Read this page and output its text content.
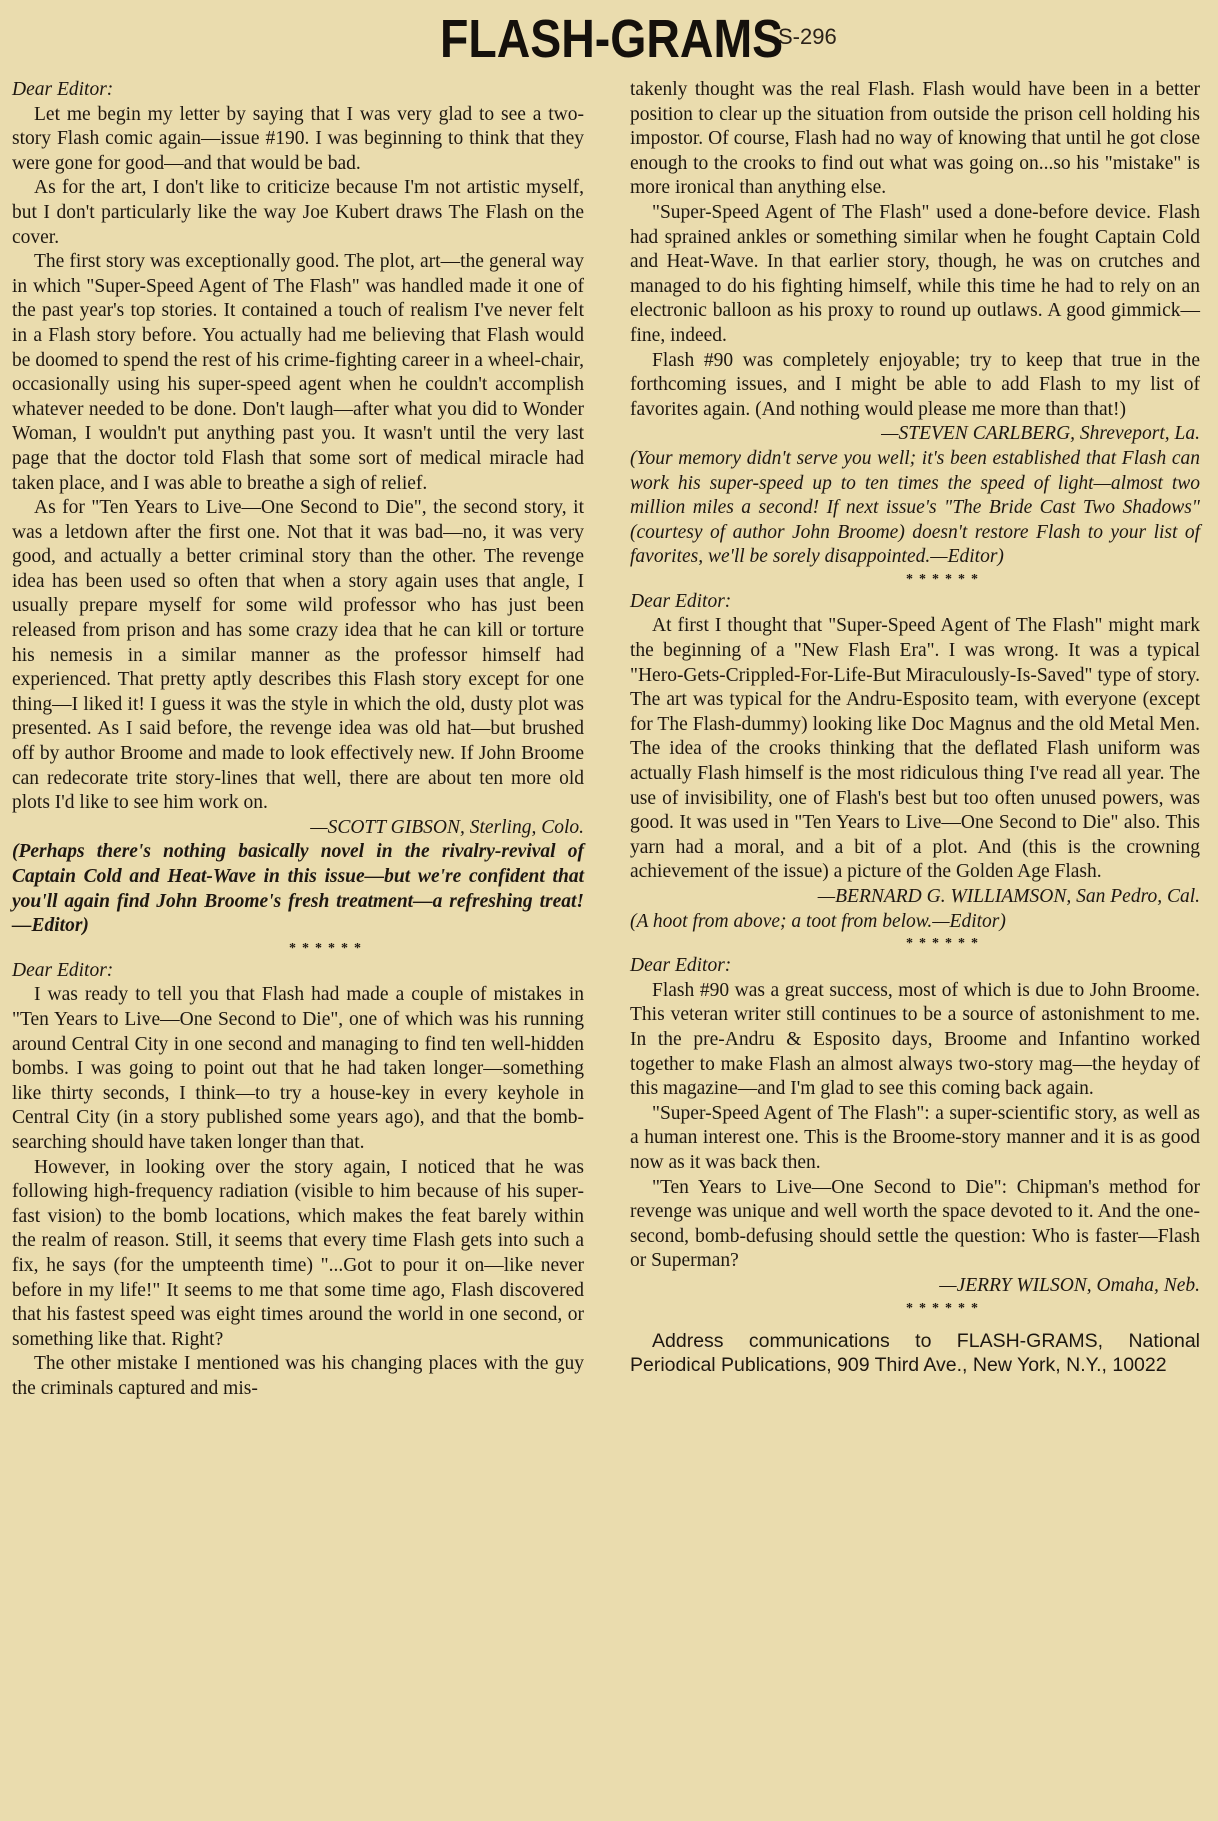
FLASH-GRAMS
S-296

Dear Editor:

Let me begin my letter by saying that I was very glad to see a two-story Flash comic again—issue #190. I was beginning to think that they were gone for good—and that would be bad.

As for the art, I don't like to criticize because I'm not artistic myself, but I don't particularly like the way Joe Kubert draws The Flash on the cover.

The first story was exceptionally good. The plot, art—the general way in which "Super-Speed Agent of The Flash" was handled made it one of the past year's top stories. It contained a touch of realism I've never felt in a Flash story before. You actually had me believing that Flash would be doomed to spend the rest of his crime-fighting career in a wheel-chair, occasionally using his super-speed agent when he couldn't accomplish whatever needed to be done. Don't laugh—after what you did to Wonder Woman, I wouldn't put anything past you. It wasn't until the very last page that the doctor told Flash that some sort of medical miracle had taken place, and I was able to breathe a sigh of relief.

As for "Ten Years to Live—One Second to Die", the second story, it was a letdown after the first one. Not that it was bad—no, it was very good, and actually a better criminal story than the other. The revenge idea has been used so often that when a story again uses that angle, I usually prepare myself for some wild professor who has just been released from prison and has some crazy idea that he can kill or torture his nemesis in a similar manner as the professor himself had experienced. That pretty aptly describes this Flash story except for one thing—I liked it! I guess it was the style in which the old, dusty plot was presented. As I said before, the revenge idea was old hat—but brushed off by author Broome and made to look effectively new. If John Broome can redecorate trite story-lines that well, there are about ten more old plots I'd like to see him work on.

—SCOTT GIBSON, Sterling, Colo.

(Perhaps there's nothing basically novel in the rivalry-revival of Captain Cold and Heat-Wave in this issue—but we're confident that you'll again find John Broome's fresh treatment—a refreshing treat!—Editor)

******

Dear Editor:

I was ready to tell you that Flash had made a couple of mistakes in "Ten Years to Live—One Second to Die", one of which was his running around Central City in one second and managing to find ten well-hidden bombs. I was going to point out that he had taken longer—something like thirty seconds, I think—to try a house-key in every keyhole in Central City (in a story published some years ago), and that the bomb-searching should have taken longer than that.

However, in looking over the story again, I noticed that he was following high-frequency radiation (visible to him because of his super-fast vision) to the bomb locations, which makes the feat barely within the realm of reason. Still, it seems that every time Flash gets into such a fix, he says (for the umpteenth time) "...Got to pour it on—like never before in my life!" It seems to me that some time ago, Flash discovered that his fastest speed was eight times around the world in one second, or something like that. Right?

The other mistake I mentioned was his changing places with the guy the criminals captured and mis-

takenly thought was the real Flash. Flash would have been in a better position to clear up the situation from outside the prison cell holding his impostor. Of course, Flash had no way of knowing that until he got close enough to the crooks to find out what was going on...so his "mistake" is more ironical than anything else.

"Super-Speed Agent of The Flash" used a done-before device. Flash had sprained ankles or something similar when he fought Captain Cold and Heat-Wave. In that earlier story, though, he was on crutches and managed to do his fighting himself, while this time he had to rely on an electronic balloon as his proxy to round up outlaws. A good gimmick—fine, indeed.

Flash #90 was completely enjoyable; try to keep that true in the forthcoming issues, and I might be able to add Flash to my list of favorites again. (And nothing would please me more than that!)

—STEVEN CARLBERG, Shreveport, La.

(Your memory didn't serve you well; it's been established that Flash can work his super-speed up to ten times the speed of light—almost two million miles a second! If next issue's "The Bride Cast Two Shadows" (courtesy of author John Broome) doesn't restore Flash to your list of favorites, we'll be sorely disappointed.—Editor)

******

Dear Editor:

At first I thought that "Super-Speed Agent of The Flash" might mark the beginning of a "New Flash Era". I was wrong. It was a typical "Hero-Gets-Crippled-For-Life-But Miraculously-Is-Saved" type of story. The art was typical for the Andru-Esposito team, with everyone (except for The Flash-dummy) looking like Doc Magnus and the old Metal Men. The idea of the crooks thinking that the deflated Flash uniform was actually Flash himself is the most ridiculous thing I've read all year. The use of invisibility, one of Flash's best but too often unused powers, was good. It was used in "Ten Years to Live—One Second to Die" also. This yarn had a moral, and a bit of a plot. And (this is the crowning achievement of the issue) a picture of the Golden Age Flash.

—BERNARD G. WILLIAMSON, San Pedro, Cal.

(A hoot from above; a toot from below.—Editor)

******

Dear Editor:

Flash #90 was a great success, most of which is due to John Broome. This veteran writer still continues to be a source of astonishment to me. In the pre-Andru & Esposito days, Broome and Infantino worked together to make Flash an almost always two-story mag—the heyday of this magazine—and I'm glad to see this coming back again.

"Super-Speed Agent of The Flash": a super-scientific story, as well as a human interest one. This is the Broome-story manner and it is as good now as it was back then.

"Ten Years to Live—One Second to Die": Chipman's method for revenge was unique and well worth the space devoted to it. And the one-second, bomb-defusing should settle the question: Who is faster—Flash or Superman?

—JERRY WILSON, Omaha, Neb.

******

Address communications to FLASH-GRAMS, National Periodical Publications, 909 Third Ave., New York, N.Y., 10022
